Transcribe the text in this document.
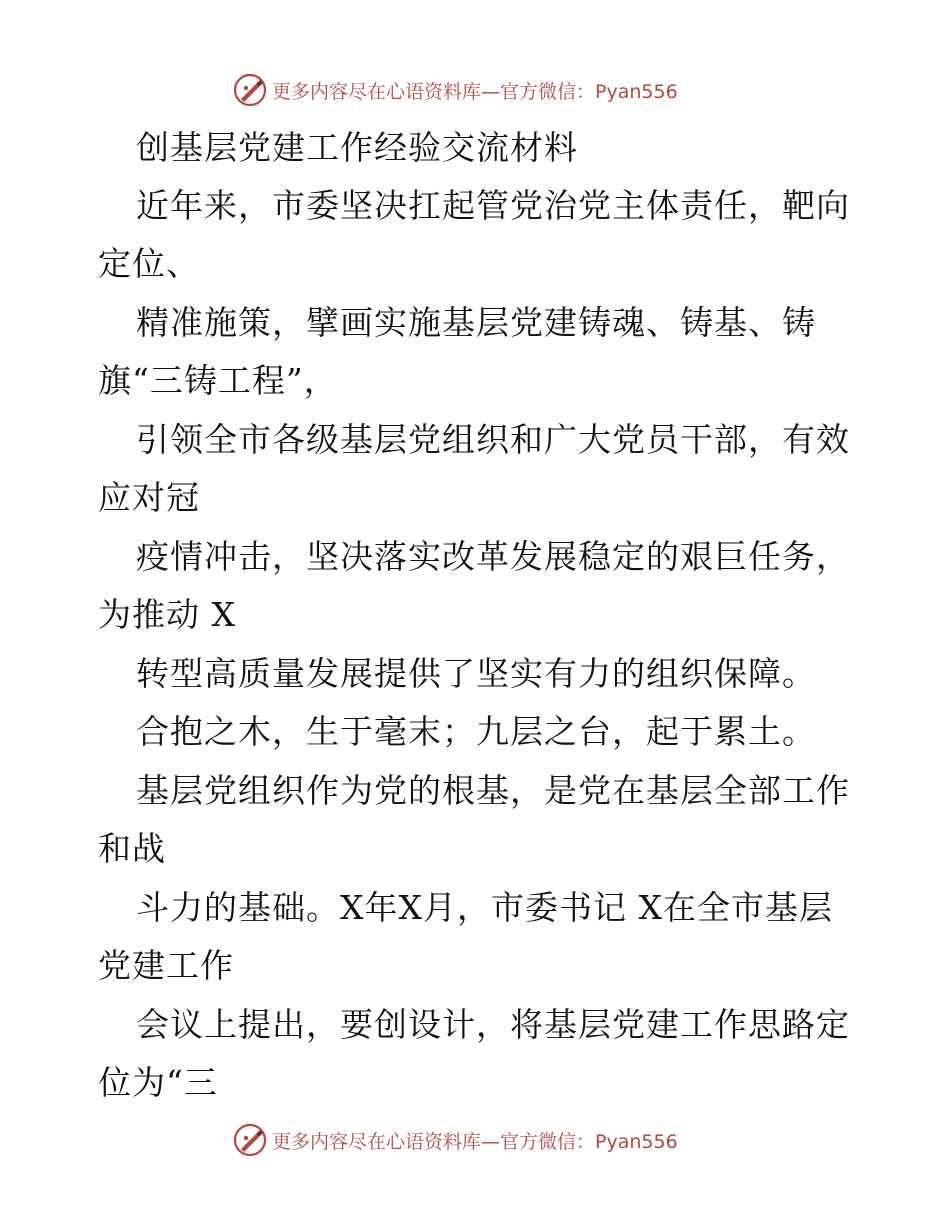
更多内容尽在心语资料库—官方微信：Pyan556
创基层党建工作经验交流材料
近年来，市委坚决扛起管党治党主体责任，靶向
定位、
精准施策，擘画实施基层党建铸魂、铸基、铸
旗“三铸工程”，
引领全市各级基层党组织和广大党员干部，有效
应对冠
疫情冲击，坚决落实改革发展稳定的艰巨任务，
为推动 X
转型高质量发展提供了坚实有力的组织保障。
合抱之木，生于毫末；九层之台，起于累土。
基层党组织作为党的根基，是党在基层全部工作
和战
斗力的基础。X年X月，市委书记 X在全市基层
党建工作
会议上提出，要创设计，将基层党建工作思路定
位为“三
更多内容尽在心语资料库—官方微信：Pyan556
